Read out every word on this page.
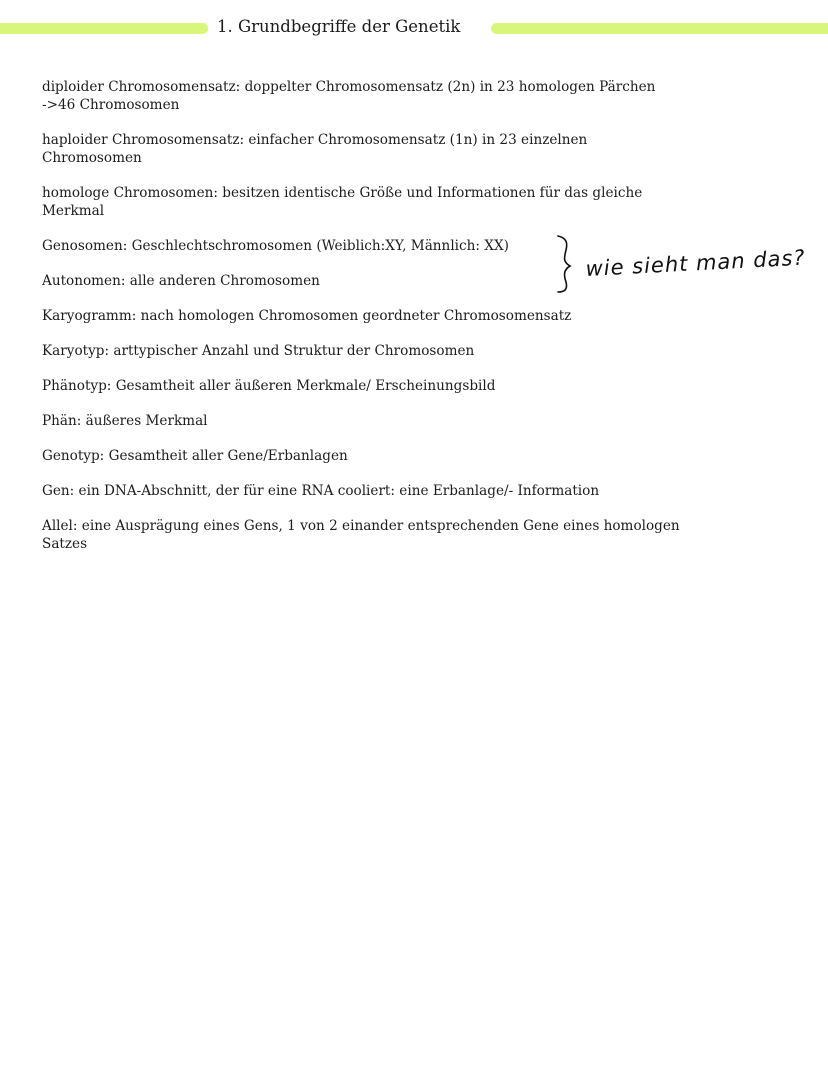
1. Grundbegriffe der Genetik

diploider Chromosomensatz: doppelter Chromosomensatz (2n) in 23 homologen Pärchen
->46 Chromosomen

haploider Chromosomensatz: einfacher Chromosomensatz (1n) in 23 einzelnen
Chromosomen

homologe Chromosomen: besitzen identische Größe und Informationen für das gleiche
Merkmal

Genosomen: Geschlechtschromosomen (Weiblich:XY, Männlich: XX)

Autonomen: alle anderen Chromosomen

Karyogramm: nach homologen Chromosomen geordneter Chromosomensatz

Karyotyp: arttypischer Anzahl und Struktur der Chromosomen

Phänotyp: Gesamtheit aller äußeren Merkmale/ Erscheinungsbild

Phän: äußeres Merkmal

Genotyp: Gesamtheit aller Gene/Erbanlagen

Gen: ein DNA-Abschnitt, der für eine RNA cooliert: eine Erbanlage/- Information

Allel: eine Ausprägung eines Gens, 1 von 2 einander entsprechenden Gene eines homologen
Satzes

wie sieht man das?
